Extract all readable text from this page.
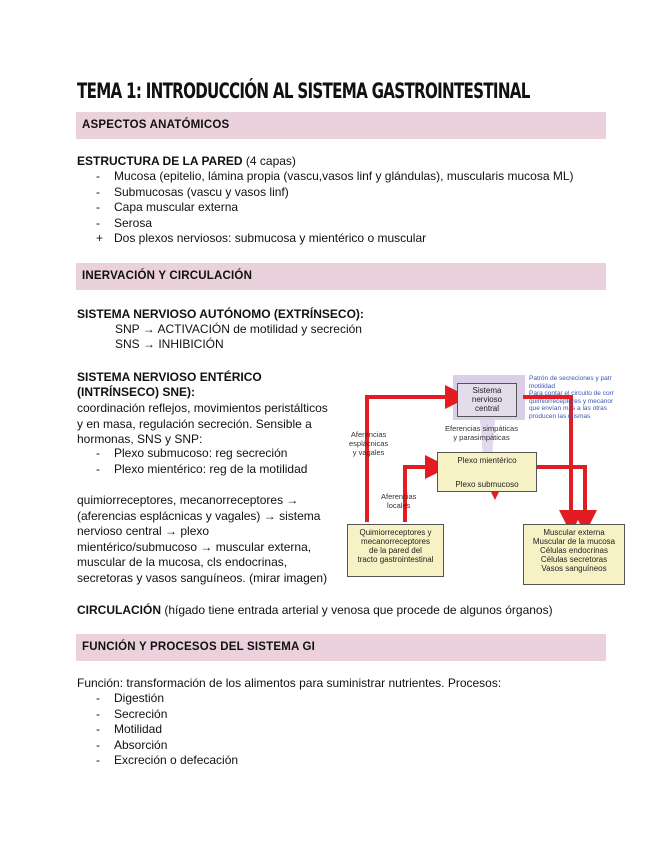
TEMA 1: INTRODUCCIÓN AL SISTEMA GASTROINTESTINAL
ASPECTOS ANATÓMICOS
ESTRUCTURA DE LA PARED (4 capas)
-	Mucosa (epitelio, lámina propia (vascu,vasos linf y glándulas), muscularis mucosa ML)
-	Submucosas (vascu y vasos linf)
-	Capa muscular externa
-	Serosa
+ Dos plexos nerviosos: submucosa y mientérico o muscular
INERVACIÓN Y CIRCULACIÓN
SISTEMA NERVIOSO AUTÓNOMO (EXTRÍNSECO):
SNP → ACTIVACIÓN de motilidad y secreción
SNS → INHIBICIÓN
SISTEMA NERVIOSO ENTÉRICO
(INTRÍNSECO) SNE):
coordinación reflejos, movimientos peristálticos
y en masa, regulación secreción. Sensible a
hormonas, SNS y SNP:
-	Plexo submucoso: reg secreción
-	Plexo mientérico: reg de la motilidad
quimiorreceptores, mecanorreceptores →
(aferencias esplácnicas y vagales) → sistema
nervioso central → plexo
mientérico/submucoso → muscular externa,
muscular de la mucosa, cls endocrinas,
secretoras y vasos sanguíneos. (mirar imagen)
Sistema
nervioso
central
Patrón de secreciones y patr
motilidad
Para contar el circuito de corr
quimiorreceptores y mecanor
que envían más a las otras
producen las mismas
Eferencias simpáticas
y parasimpáticas
Aferencias
esplácnicas
y vagales
Plexo mientérico
Plexo submucoso
Aferencias
locales
Quimiorreceptores y
mecanorreceptores
de la pared del
tracto gastrointestinal
Muscular externa
Muscular de la mucosa
Células endocrinas
Células secretoras
Vasos sanguíneos
CIRCULACIÓN (hígado tiene entrada arterial y venosa que procede de algunos órganos)
FUNCIÓN Y PROCESOS DEL SISTEMA GI
Función: transformación de los alimentos para suministrar nutrientes. Procesos:
-	Digestión
-	Secreción
-	Motilidad
-	Absorción
-	Excreción o defecación
